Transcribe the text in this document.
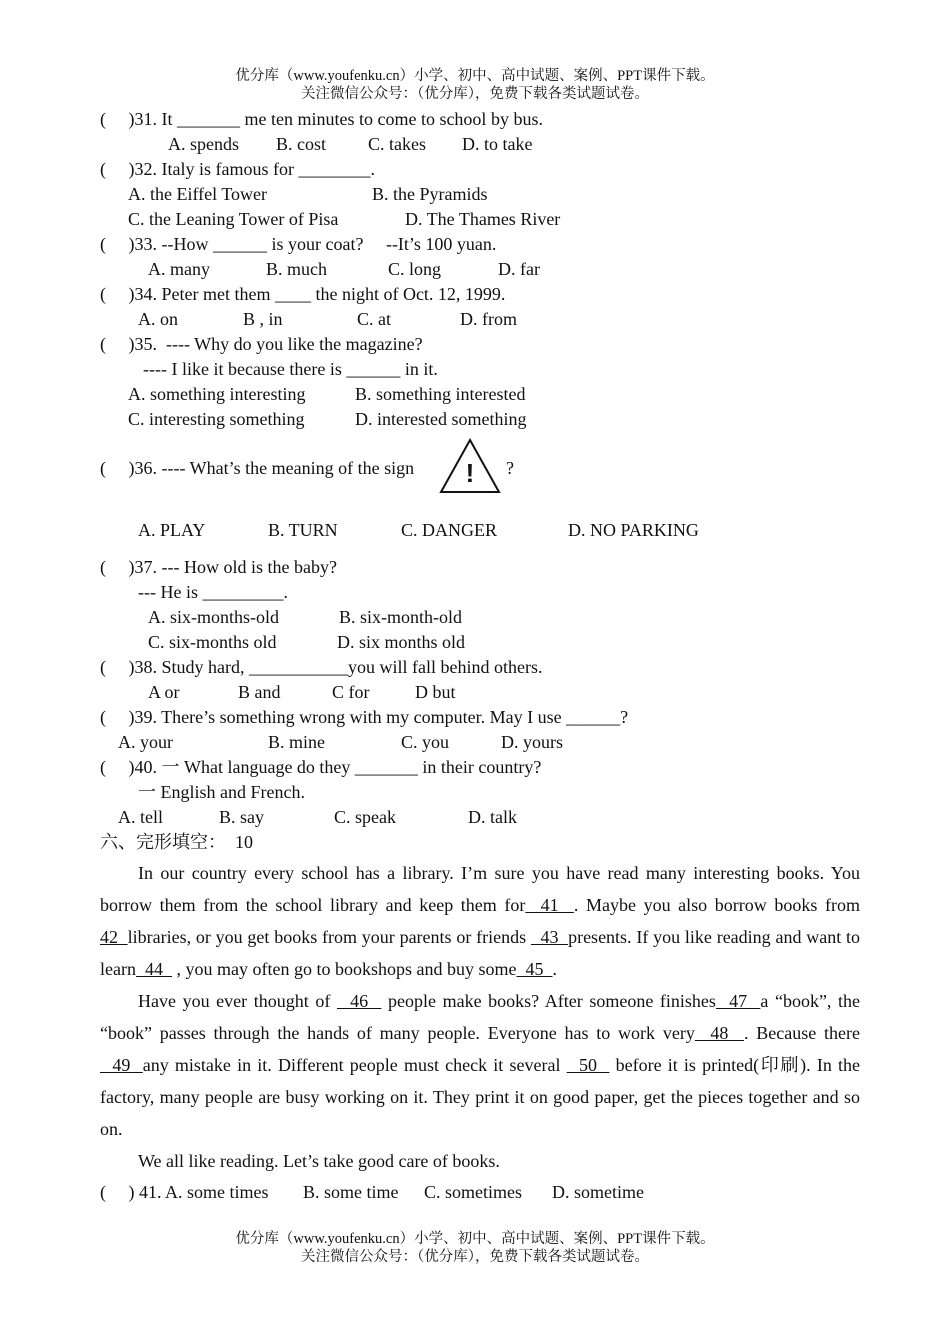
优分库（www.youfenku.cn）小学、初中、高中试题、案例、PPT课件下载。
关注微信公众号：（优分库），免费下载各类试题试卷。
(     )31. It _______ me ten minutes to come to school by bus.
A. spends B. cost C. takes D. to take
(     )32. Italy is famous for ________.
A. the Eiffel Tower	B. the Pyramids
C. the Leaning Tower of Pisa	D. The Thames River
(     )33. --How ______ is your coat?     --It’s 100 yuan.
A. many	B. much	C. long	D. far
(     )34. Peter met them ____ the night of Oct. 12, 1999.
A. on	B , in	C. at	D. from
(     )35.  ---- Why do you like the magazine?
---- I like it because there is ______ in it.
A. something interesting	B. something interested
C. interesting something	D. interested something
(     )36. ---- What’s the meaning of the sign ! ?
A. PLAY	B. TURN	C. DANGER	D. NO PARKING
(     )37. --- How old is the baby?
--- He is _________.
A. six-months-old	B. six-month-old
C. six-months old	D. six months old
(     )38. Study hard, ___________you will fall behind others.
A or	B and	C for	D but
(     )39. There’s something wrong with my computer. May I use ______?
A. your	B. mine	C. you	D. yours
(     )40. 一 What language do they _______ in their country?
一 English and French.
A. tell	B. say	C. speak	D. talk
六、完形填空：  10
In our country every school has a library. I’m sure you have read many interesting books. You borrow them from the school library and keep them for  41  . Maybe you also borrow books from 42  libraries, or you get books from your parents or friends   43  presents. If you like reading and want to learn  44   , you may often go to bookshops and buy some  45  .
Have you ever thought of   46   people make books? After someone finishes  47  a “book”, the “book” passes through the hands of many people. Everyone has to work very  48  . Because there   49  any mistake in it. Different people must check it several   50   before it is printed(印刷). In the factory, many people are busy working on it. They print it on good paper, get the pieces together and so on.
We all like reading. Let’s take good care of books.
(     ) 41. A. some times B. some time C. sometimes D. sometime
优分库（www.youfenku.cn）小学、初中、高中试题、案例、PPT课件下载。
关注微信公众号：（优分库），免费下载各类试题试卷。
